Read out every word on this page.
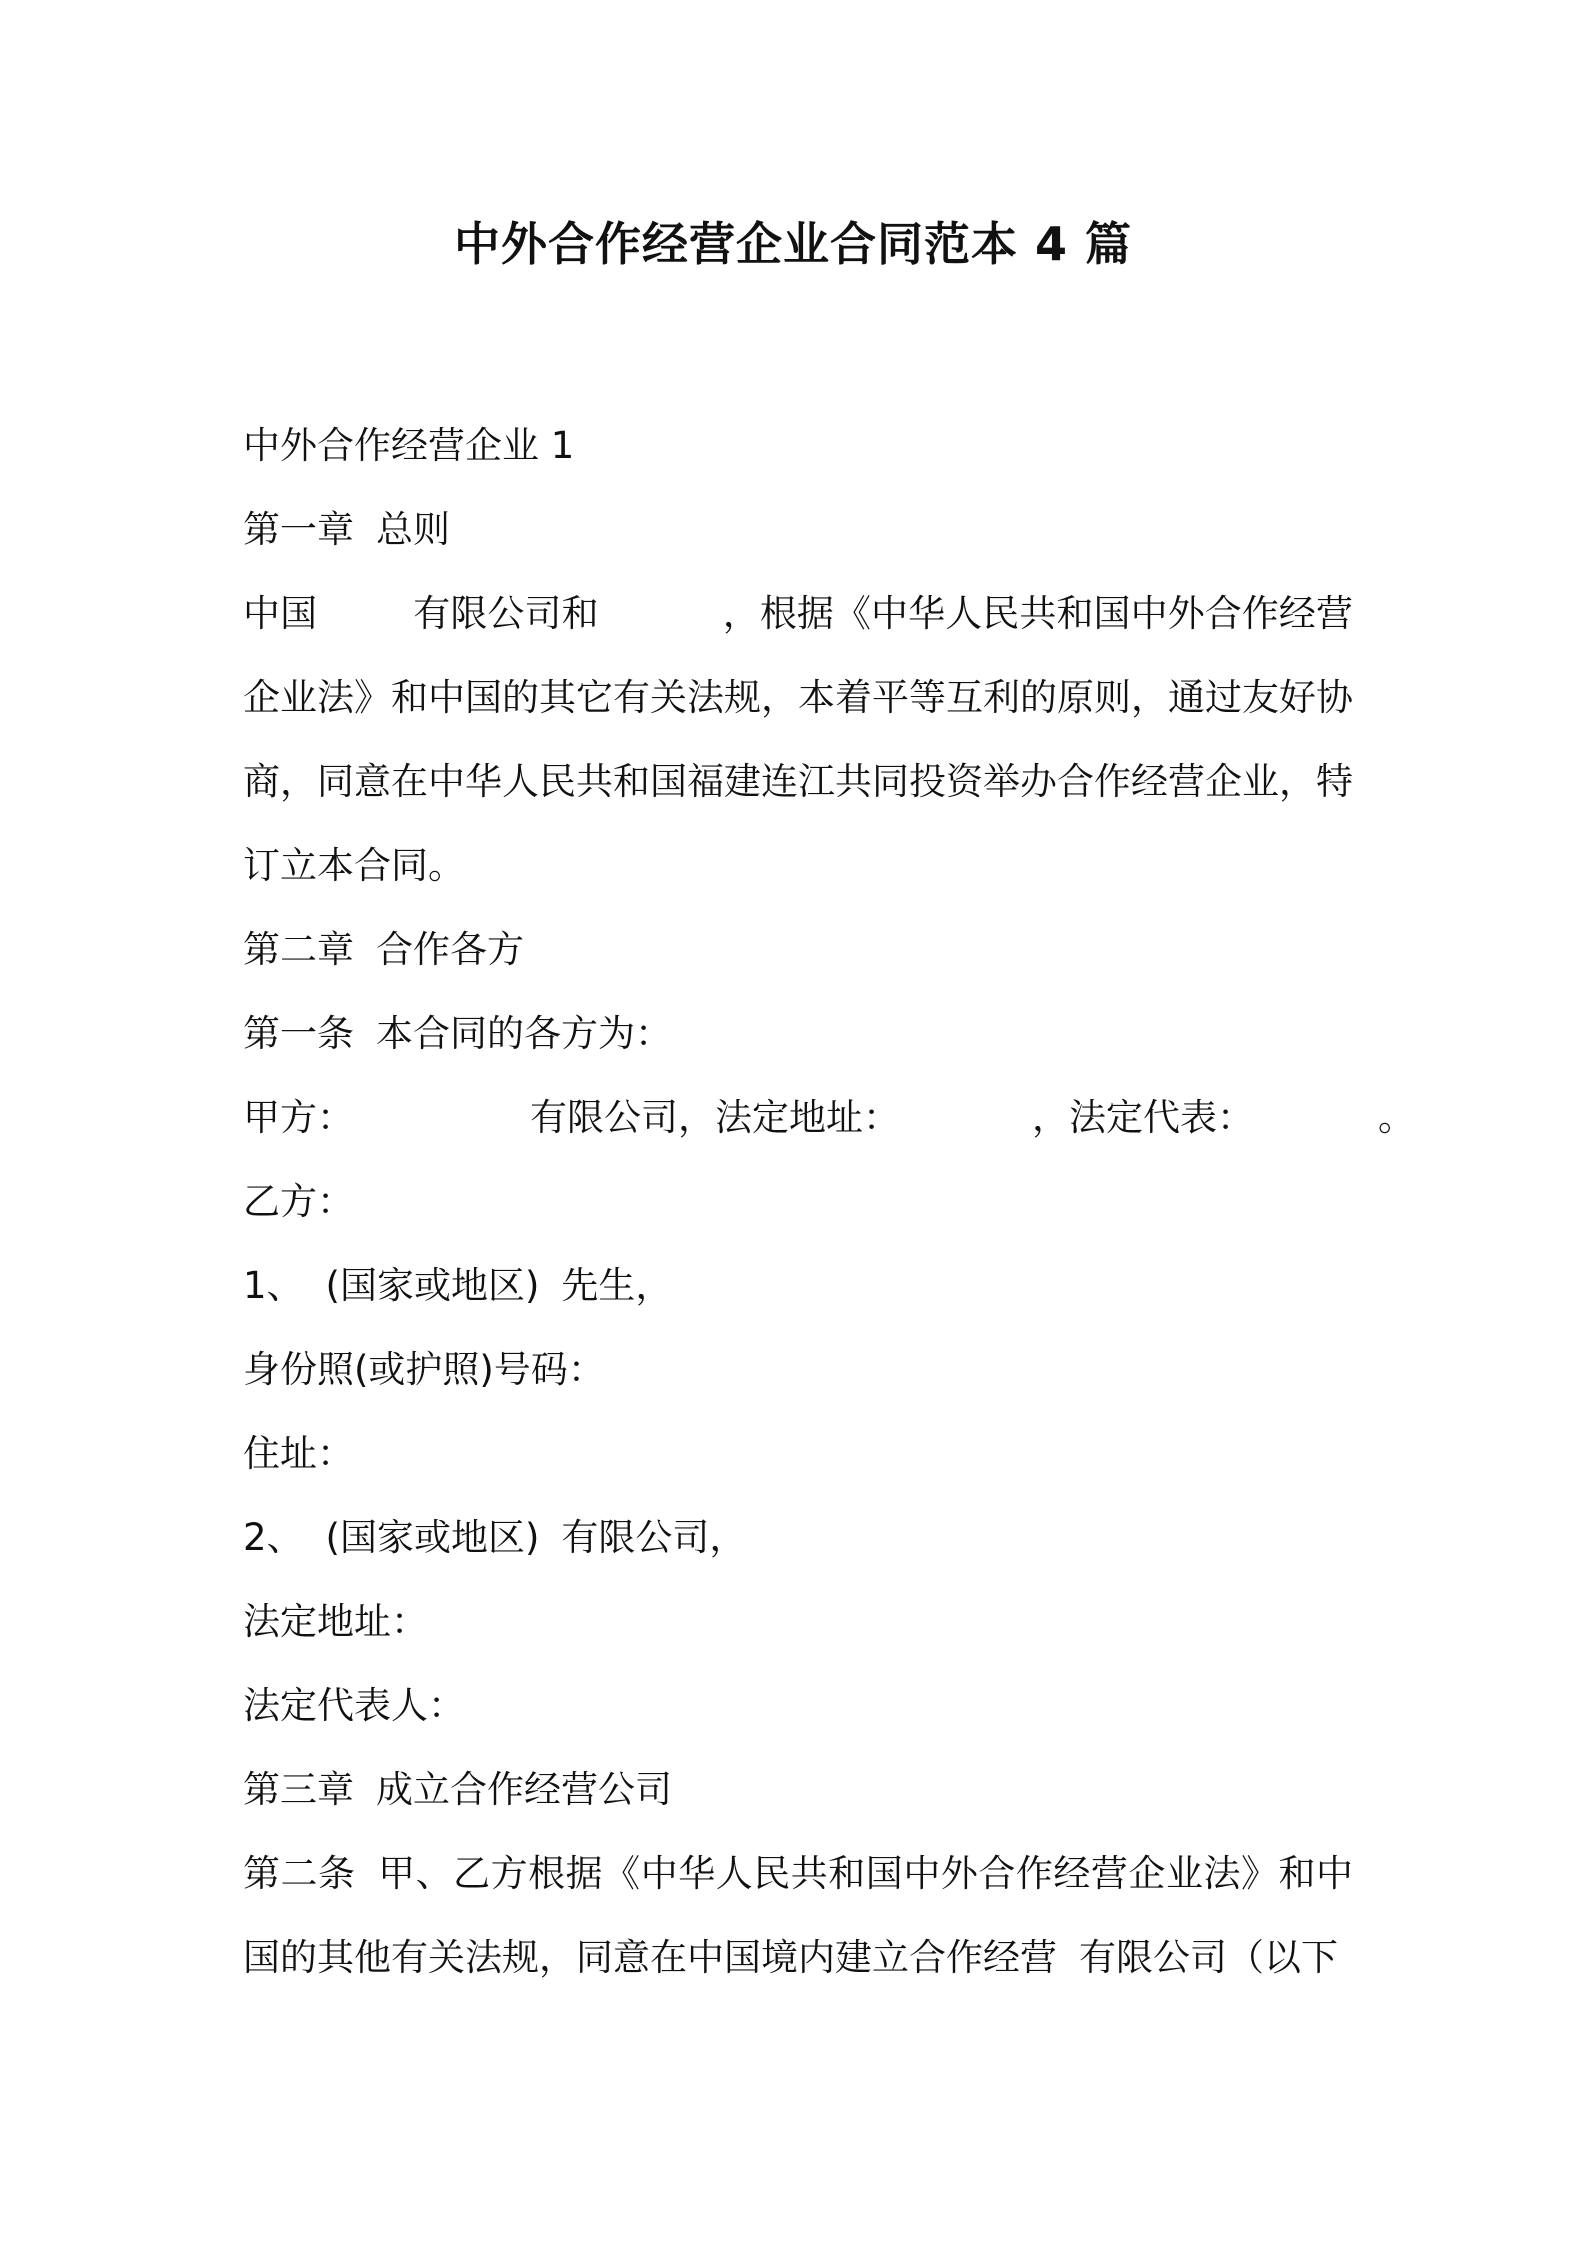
中外合作经营企业合同范本 4 篇
中外合作经营企业 1
第一章 总则
中国	有限公司和	，根据《中华人民共和国中外合作经营企业法》和中国的其它有关法规，本着平等互利的原则，通过友好协商，同意在中华人民共和国福建连江共同投资举办合作经营企业，特订立本合同。
第二章 合作各方
第一条 本合同的各方为：
甲方：	有限公司，法定地址：	，法定代表：	。
乙方：
1、 (国家或地区) 先生，
身份照(或护照)号码：
住址：
2、 (国家或地区) 有限公司，
法定地址：
法定代表人：
第三章 成立合作经营公司
第二条 甲、乙方根据《中华人民共和国中外合作经营企业法》和中国的其他有关法规，同意在中国境内建立合作经营 有限公司（以下
